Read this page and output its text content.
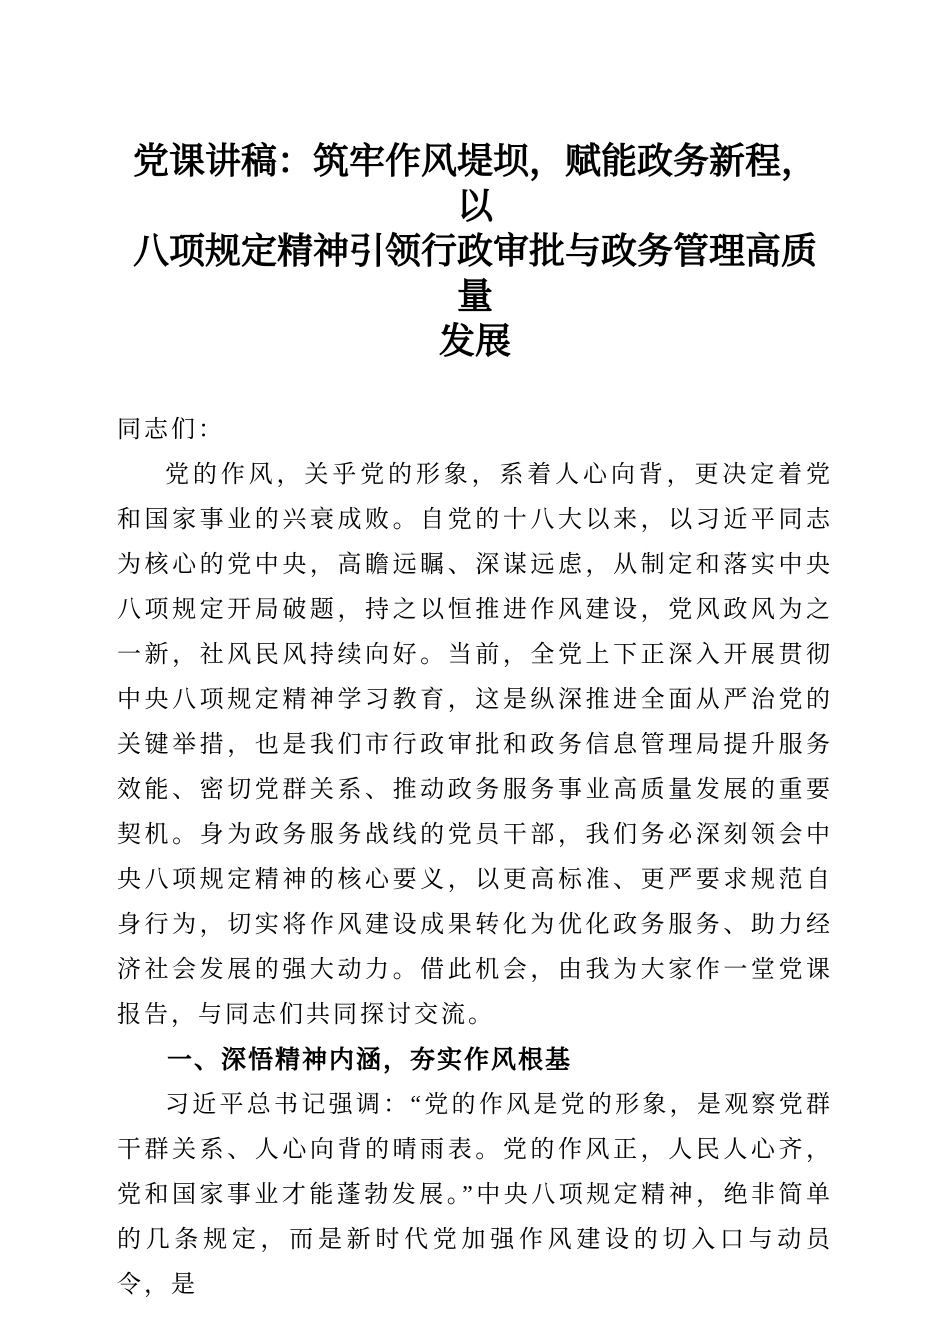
党课讲稿：筑牢作风堤坝，赋能政务新程，以
八项规定精神引领行政审批与政务管理高质量
发展

同志们：

党的作风，关乎党的形象，系着人心向背，更决定着党和国家事业的兴衰成败。自党的十八大以来，以习近平同志为核心的党中央，高瞻远瞩、深谋远虑，从制定和落实中央八项规定开局破题，持之以恒推进作风建设，党风政风为之一新，社风民风持续向好。当前，全党上下正深入开展贯彻中央八项规定精神学习教育，这是纵深推进全面从严治党的关键举措，也是我们市行政审批和政务信息管理局提升服务效能、密切党群关系、推动政务服务事业高质量发展的重要契机。身为政务服务战线的党员干部，我们务必深刻领会中央八项规定精神的核心要义，以更高标准、更严要求规范自身行为，切实将作风建设成果转化为优化政务服务、助力经济社会发展的强大动力。借此机会，由我为大家作一堂党课报告，与同志们共同探讨交流。

一、深悟精神内涵，夯实作风根基

习近平总书记强调：“党的作风是党的形象，是观察党群干群关系、人心向背的晴雨表。党的作风正，人民人心齐，党和国家事业才能蓬勃发展。”中央八项规定精神，绝非简单的几条规定，而是新时代党加强作风建设的切入口与动员令，是
